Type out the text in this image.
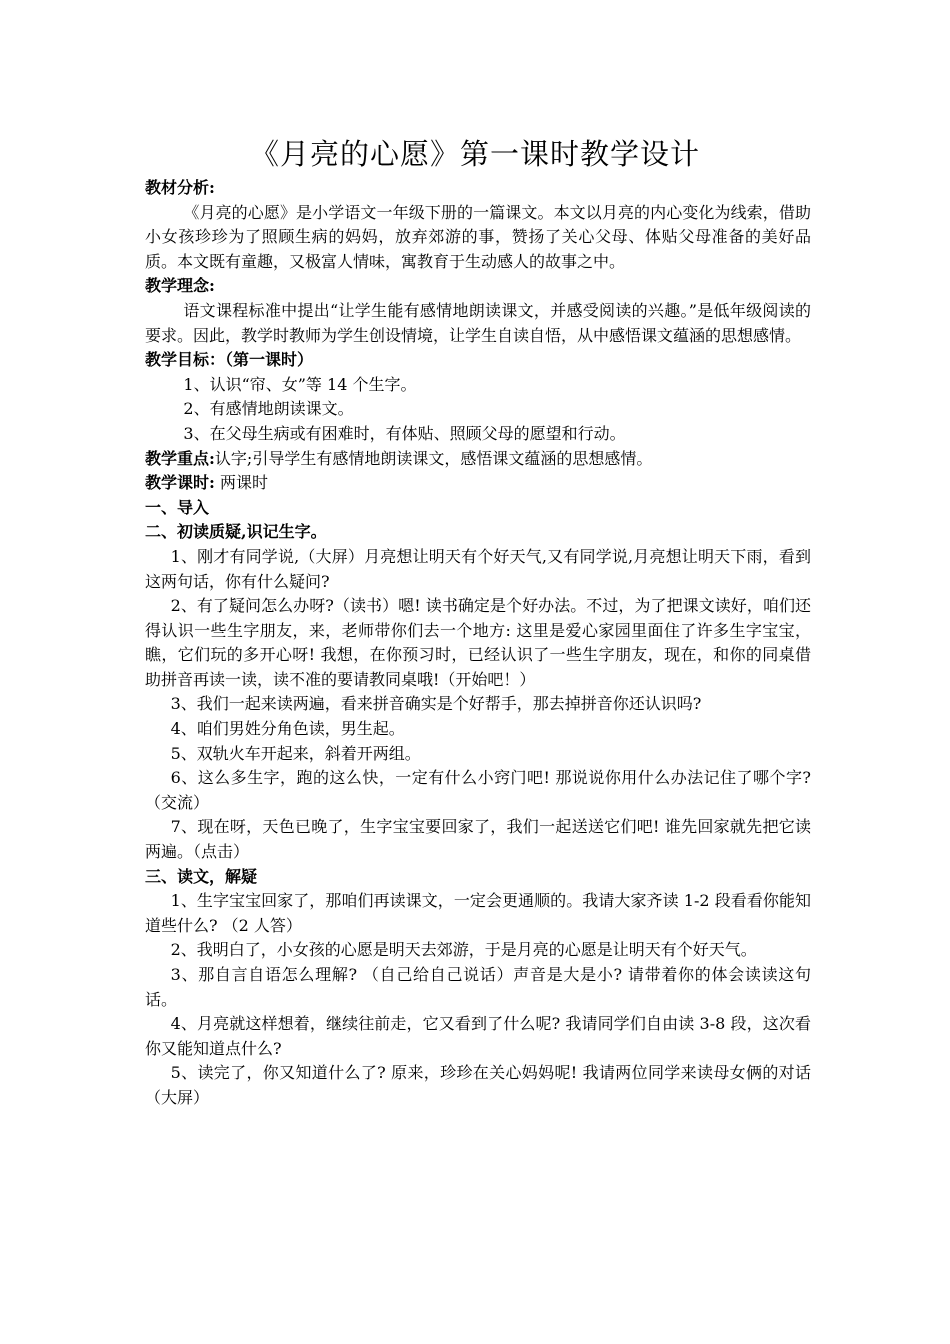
《月亮的心愿》第一课时教学设计

教材分析:

《月亮的心愿》是小学语文一年级下册的一篇课文。本文以月亮的内心变化为线索，借助小女孩珍珍为了照顾生病的妈妈，放弃郊游的事，赞扬了关心父母、体贴父母准备的美好品质。本文既有童趣，又极富人情味，寓教育于生动感人的故事之中。

教学理念:

语文课程标准中提出“让学生能有感情地朗读课文，并感受阅读的兴趣。”是低年级阅读的要求。因此，教学时教师为学生创设情境，让学生自读自悟，从中感悟课文蕴涵的思想感情。

教学目标：（第一课时）

1、认识“帘、女”等 14 个生字。

2、有感情地朗读课文。

3、在父母生病或有困难时，有体贴、照顾父母的愿望和行动。

教学重点:认字;引导学生有感情地朗读课文，感悟课文蕴涵的思想感情。

教学课时: 两课时

一、导入

二、初读质疑,识记生字。

1、刚才有同学说,（大屏）月亮想让明天有个好天气,又有同学说,月亮想让明天下雨，看到这两句话，你有什么疑问?

2、有了疑问怎么办呀?（读书）嗯! 读书确定是个好办法。不过，为了把课文读好，咱们还得认识一些生字朋友，来，老师带你们去一个地方: 这里是爱心家园里面住了许多生字宝宝，瞧，它们玩的多开心呀! 我想，在你预习时，已经认识了一些生字朋友，现在，和你的同桌借助拼音再读一读，读不准的要请教同桌哦!（开始吧！）

3、我们一起来读两遍，看来拼音确实是个好帮手，那去掉拼音你还认识吗?

4、咱们男姓分角色读，男生起。

5、双轨火车开起来，斜着开两组。

6、这么多生字，跑的这么快，一定有什么小窍门吧! 那说说你用什么办法记住了哪个字? （交流）

7、现在呀，天色已晚了，生字宝宝要回家了，我们一起送送它们吧! 谁先回家就先把它读两遍。（点击）

三、读文，解疑

1、生字宝宝回家了，那咱们再读课文，一定会更通顺的。我请大家齐读 1-2 段看看你能知道些什么? （2 人答）

2、我明白了，小女孩的心愿是明天去郊游，于是月亮的心愿是让明天有个好天气。

3、那自言自语怎么理解? （自己给自己说话）声音是大是小? 请带着你的体会读读这句话。

4、月亮就这样想着，继续往前走，它又看到了什么呢? 我请同学们自由读 3-8 段，这次看你又能知道点什么?

5、读完了，你又知道什么了? 原来，珍珍在关心妈妈呢! 我请两位同学来读母女俩的对话（大屏）
